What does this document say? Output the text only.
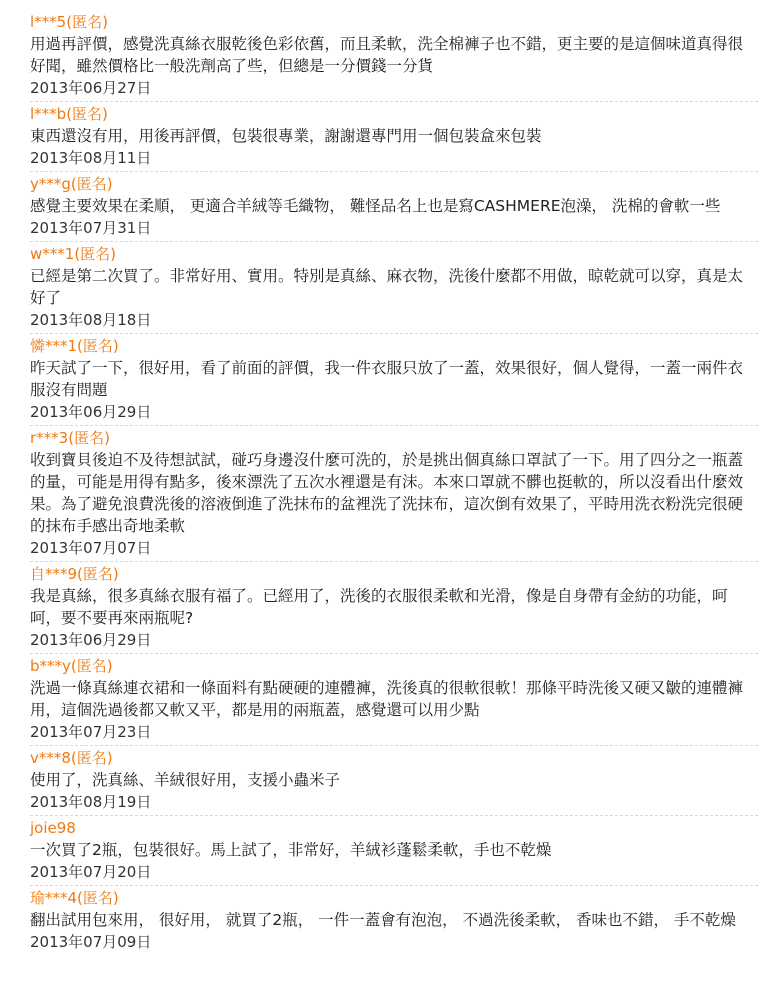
l***5(匿名)
用過再評價，感覺洗真絲衣服乾後色彩依舊，而且柔軟，洗全棉褲子也不錯，更主要的是這個味道真得很好聞，雖然價格比一般洗劑高了些，但總是一分價錢一分貨
2013年06月27日
l***b(匿名)
東西還沒有用，用後再評價，包裝很專業，謝謝還專門用一個包裝盒來包裝
2013年08月11日
y***g(匿名)
感覺主要效果在柔順， 更適合羊絨等毛織物， 難怪品名上也是寫CASHMERE泡澡， 洗棉的會軟一些
2013年07月31日
w***1(匿名)
已經是第二次買了。非常好用、實用。特別是真絲、麻衣物，洗後什麼都不用做，晾乾就可以穿，真是太好了
2013年08月18日
憐***1(匿名)
昨天試了一下，很好用，看了前面的評價，我一件衣服只放了一蓋，效果很好，個人覺得，一蓋一兩件衣服沒有問題
2013年06月29日
r***3(匿名)
收到寶貝後迫不及待想試試，碰巧身邊沒什麼可洗的，於是挑出個真絲口罩試了一下。用了四分之一瓶蓋的量，可能是用得有點多，後來漂洗了五次水裡還是有沫。本來口罩就不髒也挺軟的，所以沒看出什麼效果。為了避免浪費洗後的溶液倒進了洗抹布的盆裡洗了洗抹布，這次倒有效果了，平時用洗衣粉洗完很硬的抹布手感出奇地柔軟
2013年07月07日
自***9(匿名)
我是真絲，很多真絲衣服有福了。已經用了，洗後的衣服很柔軟和光滑，像是自身帶有金紡的功能，呵呵，要不要再來兩瓶呢?
2013年06月29日
b***y(匿名)
洗過一條真絲連衣裙和一條面料有點硬硬的連體褲，洗後真的很軟很軟！那條平時洗後又硬又皺的連體褲用，這個洗過後都又軟又平，都是用的兩瓶蓋，感覺還可以用少點
2013年07月23日
v***8(匿名)
使用了，洗真絲、羊絨很好用，支援小蟲米子
2013年08月19日
joie98
一次買了2瓶，包裝很好。馬上試了，非常好，羊絨衫蓬鬆柔軟，手也不乾燥
2013年07月20日
瑜***4(匿名)
翻出試用包來用， 很好用， 就買了2瓶， 一件一蓋會有泡泡， 不過洗後柔軟， 香味也不錯， 手不乾燥
2013年07月09日
